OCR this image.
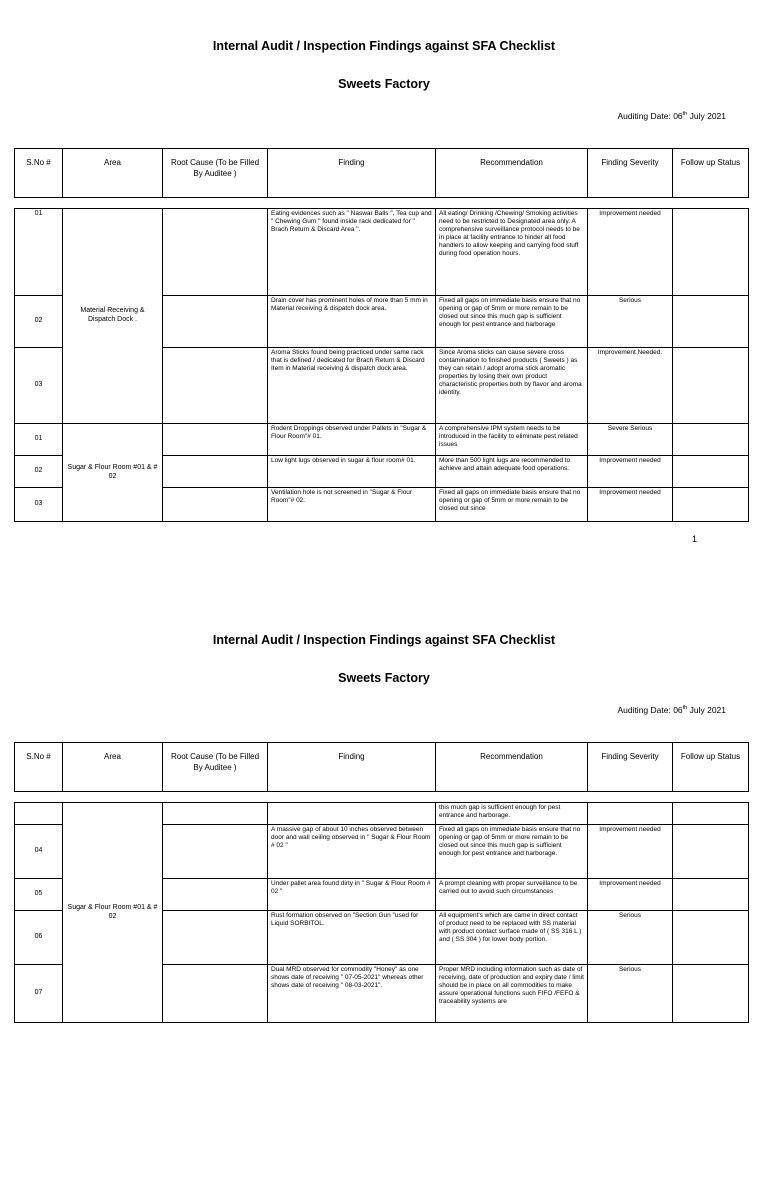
Internal Audit / Inspection Findings against SFA Checklist
Sweets Factory
Auditing Date: 06th July 2021
S.No #	Area	Root Cause (To be Filled By Auditee )	Finding	Recommendation	Finding Severity	Follow up Status
01	Material Receiving & Dispatch Dock .		Eating evidences such as " Naswar Balls ", Tea cup and " Chewing Gum " found inside rack dedicated for " Brach Return & Discard Area ".	All eating/ Drinking /Chewing/ Smoking activities need to be restricted to Designated area only. A comprehensive surveillance protocol needs to be in place at facility entrance to hinder all food handlers to allow keeping and carrying food stuff during food operation hours.	Improvement needed	
02			Drain cover has prominent holes of more than 5 mm in Material receiving & dispatch dock area.	Fixed all gaps on immediate basis ensure that no opening or gap of 5mm or more remain to be closed out since this much gap is sufficient enough for pest entrance and harborage	Serious	
03			Aroma Sticks found being practiced under same rack that is defined / dedicated for Brach Return & Discard Item in Material receiving & dispatch dock area.	Since Aroma sticks can cause severe cross contamination to finished products ( Sweets ) as they can retain / adopt aroma stick aromatic properties by losing their own product characteristic properties both by flavor and aroma identity.	Improvement Needed.	
01	Sugar & Flour Room #01 & # 02		Rodent Droppings observed under Pallets in "Sugar & Flour Room"# 01.	A comprehensive IPM system needs to be introduced in the facility to eliminate pest related issues	Severe Serious	
02			Low light lugs observed in sugar & flour room# 01.	More than 500 light lugs are recommended to achieve and attain adequate food operations.	Improvement needed	
03			Ventilation hole is not screened in "Sugar & Flour Room"# 02.	Fixed all gaps on immediate basis ensure that no opening or gap of 5mm or more remain to be closed out since	Improvement needed	
1
Internal Audit / Inspection Findings against SFA Checklist
Sweets Factory
Auditing Date: 06th July 2021
S.No #	Area	Root Cause (To be Filled By Auditee )	Finding	Recommendation	Finding Severity	Follow up Status
	Sugar & Flour Room #01 & # 02			this much gap is sufficient enough for pest entrance and harborage.		
04			A massive gap of about 10 inches observed between door and wall ceiling observed in " Sugar & Flour Room # 02 "	Fixed all gaps on immediate basis ensure that no opening or gap of 5mm or more remain to be closed out since this much gap is sufficient enough for pest entrance and harborage.	Improvement needed	
05			Under pallet area found dirty in " Sugar & Flour Room # 02 "	A prompt cleaning with proper surveillance to be carried out to avoid such circumstances	Improvement needed	
06			Rust formation observed on "Section Gun "used for Liquid SORBITOL.	All equipment's which are came in direct contact of product need to be replaced with SS material with product contact surface made of ( SS 316 L ) and ( SS 304 ) for lower body portion.	Serious	
07			Dual MRD observed for commodity "Honey" as one shows date of receiving " 07-05-2021" whereas other shows date of receiving " 08-03-2021".	Proper MRD including information such as date of receiving, date of production and expiry date / limit should be in place on all commodities to make assure operational functions such FIFO /FEFO & traceability systems are	Serious	
